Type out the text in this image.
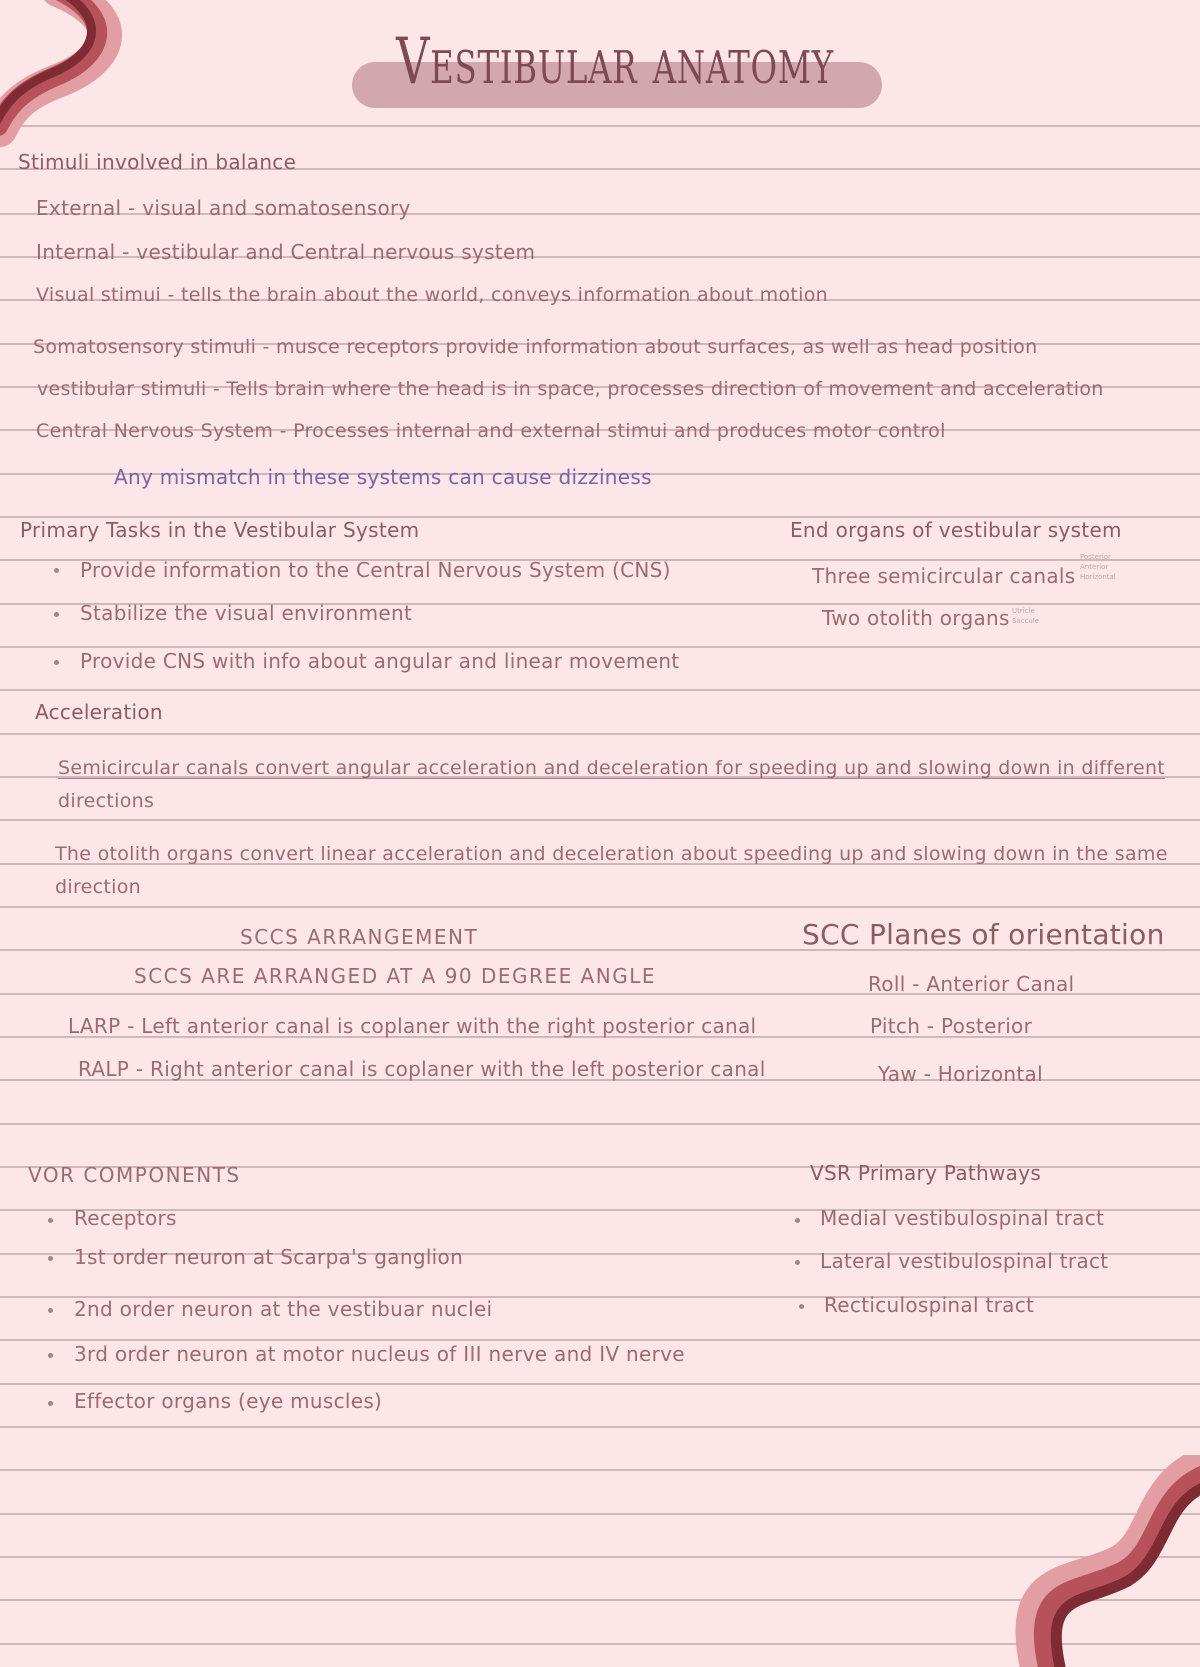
Vestibular anatomy
Stimuli involved in balance
External - visual and somatosensory
Internal - vestibular and Central nervous system
Visual stimui - tells the brain about the world, conveys information about motion
Somatosensory stimuli - musce receptors provide information about surfaces, as well as head position
vestibular stimuli - Tells brain where the head is in space, processes direction of movement and acceleration
Central Nervous System - Processes internal and external stimui and produces motor control
Any mismatch in these systems can cause dizziness
Primary Tasks in the Vestibular System
Provide information to the Central Nervous System (CNS)
Stabilize the visual environment
Provide CNS with info about angular and linear movement
End organs of vestibular system
Three semicircular canals
Posterior
Anterior
Horizontal
Two otolith organs Utricle
Saccule
Acceleration
Semicircular canals convert angular acceleration and deceleration for speeding up and slowing down in different
directions
The otolith organs convert linear acceleration and deceleration about speeding up and slowing down in the same
direction
SCCS ARRANGEMENT
SCCS ARE ARRANGED AT A 90 DEGREE ANGLE
LARP - Left anterior canal is coplaner with the right posterior canal
RALP - Right anterior canal is coplaner with the left posterior canal
SCC Planes of orientation
Roll - Anterior Canal
Pitch - Posterior
Yaw - Horizontal
VOR COMPONENTS
Receptors
1st order neuron at Scarpa's ganglion
2nd order neuron at the vestibuar nuclei
3rd order neuron at motor nucleus of III nerve and IV nerve
Effector organs (eye muscles)
VSR Primary Pathways
Medial vestibulospinal tract
Lateral vestibulospinal tract
Recticulospinal tract
